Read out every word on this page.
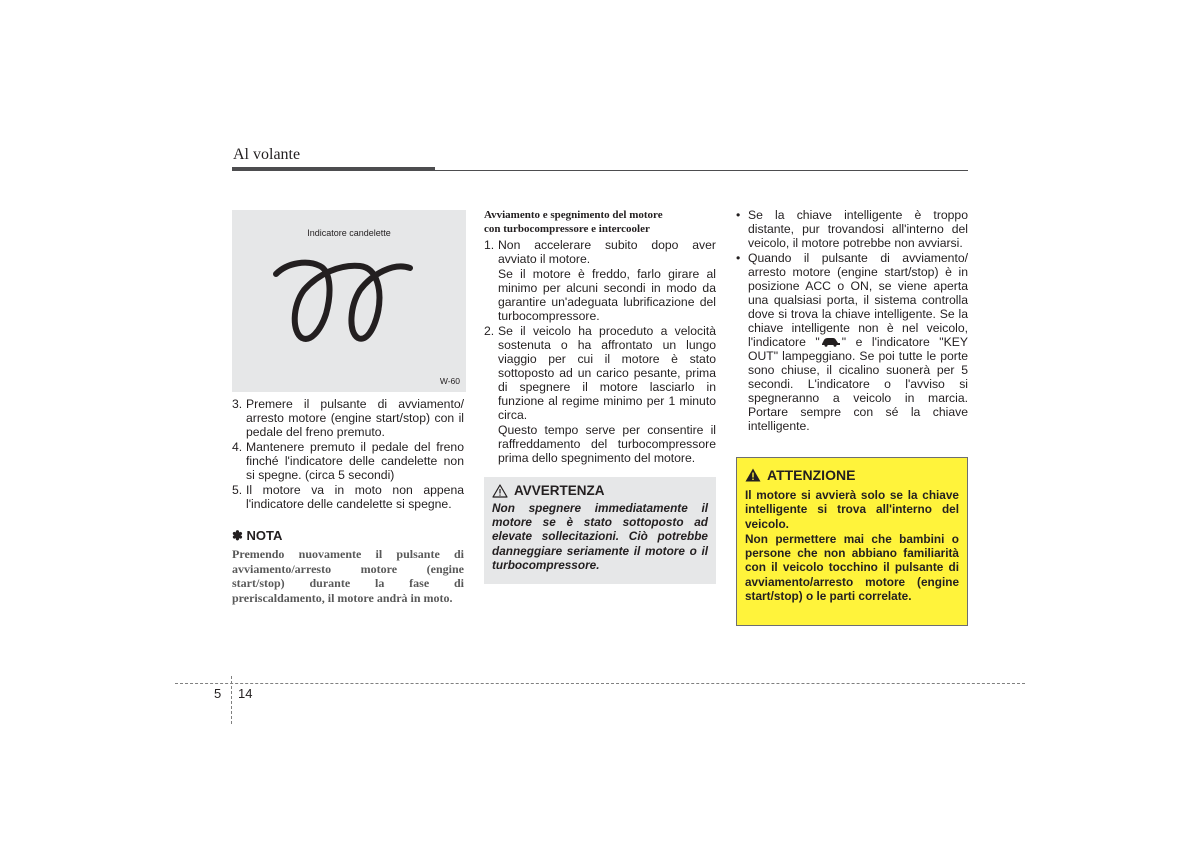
Al volante
Indicatore candelette
W-60
3. Premere il pulsante di avviamento/ arresto motore (engine start/stop) con il pedale del freno premuto.
4. Mantenere premuto il pedale del freno finché l'indicatore delle candelette non si spegne. (circa 5 secondi)
5. Il motore va in moto non appena l'indicatore delle candelette si spegne.
✽ NOTA
Premendo nuovamente il pulsante di avviamento/arresto motore (engine start/stop) durante la fase di preriscaldamento, il motore andrà in moto.
Avviamento e spegnimento del motore
con turbocompressore e intercooler
1. Non accelerare subito dopo aver avviato il motore.
Se il motore è freddo, farlo girare al minimo per alcuni secondi in modo da garantire un'adeguata lubrificazione del turbocompressore.
2. Se il veicolo ha proceduto a velocità sostenuta o ha affrontato un lungo viaggio per cui il motore è stato sottoposto ad un carico pesante, prima di spegnere il motore lasciarlo in funzione al regime minimo per 1 minuto circa.
Questo tempo serve per consentire il raffreddamento del turbocompressore prima dello spegnimento del motore.
AVVERTENZA
Non spegnere immediatamente il motore se è stato sottoposto ad elevate sollecitazioni. Ciò potrebbe danneggiare seriamente il motore o il turbocompressore.
• Se la chiave intelligente è troppo distante, pur trovandosi all'interno del veicolo, il motore potrebbe non avviarsi.
• Quando il pulsante di avviamento/ arresto motore (engine start/stop) è in posizione ACC o ON, se viene aperta una qualsiasi porta, il sistema controlla dove si trova la chiave intelligente. Se la chiave intelligente non è nel veicolo, l'indicatore " " e l'indicatore "KEY OUT" lampeggiano. Se poi tutte le porte sono chiuse, il cicalino suonerà per 5 secondi. L'indicatore o l'avviso si spegneranno a veicolo in marcia. Portare sempre con sé la chiave intelligente.
ATTENZIONE

Il motore si avvierà solo se la chiave intelligente si trova all'interno del veicolo.

Non permettere mai che bambini o persone che non abbiano familiarità con il veicolo tocchino il pulsante di avviamento/arresto motore (engine start/stop) o le parti correlate.

5 14
